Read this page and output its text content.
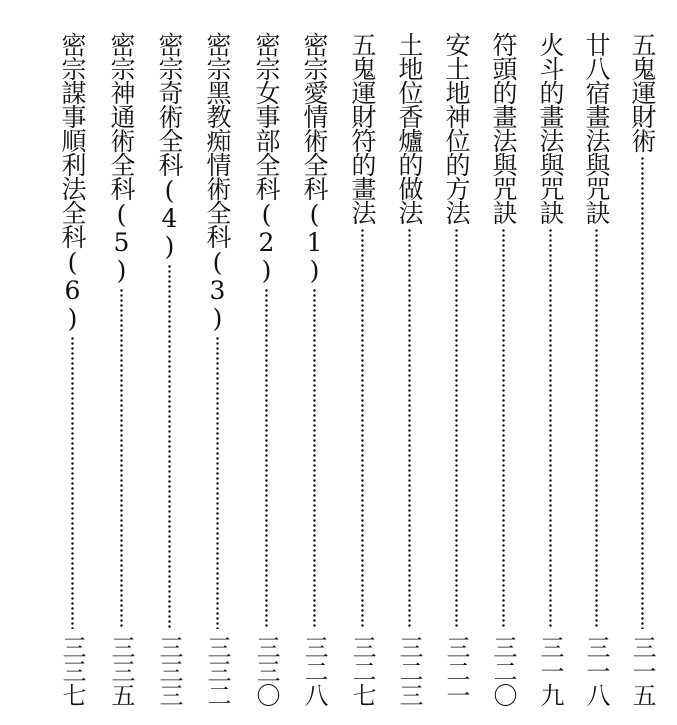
五鬼運財術
三一五
廿八宿畫法與咒訣
三一八
火斗的畫法與咒訣
三一九
符頭的畫法與咒訣
三二〇
安土地神位的方法
三二一
土地位香爐的做法
三二三
五鬼運財符的畫法
三二七
密宗愛情術全科(1)
三二八
密宗女事部全科(2)
三三〇
密宗黑教痴情術全科(3)
三三二
密宗奇術全科(4)
三三三
密宗神通術全科(5)
三三五
密宗謀事順利法全科(6)
三三七
